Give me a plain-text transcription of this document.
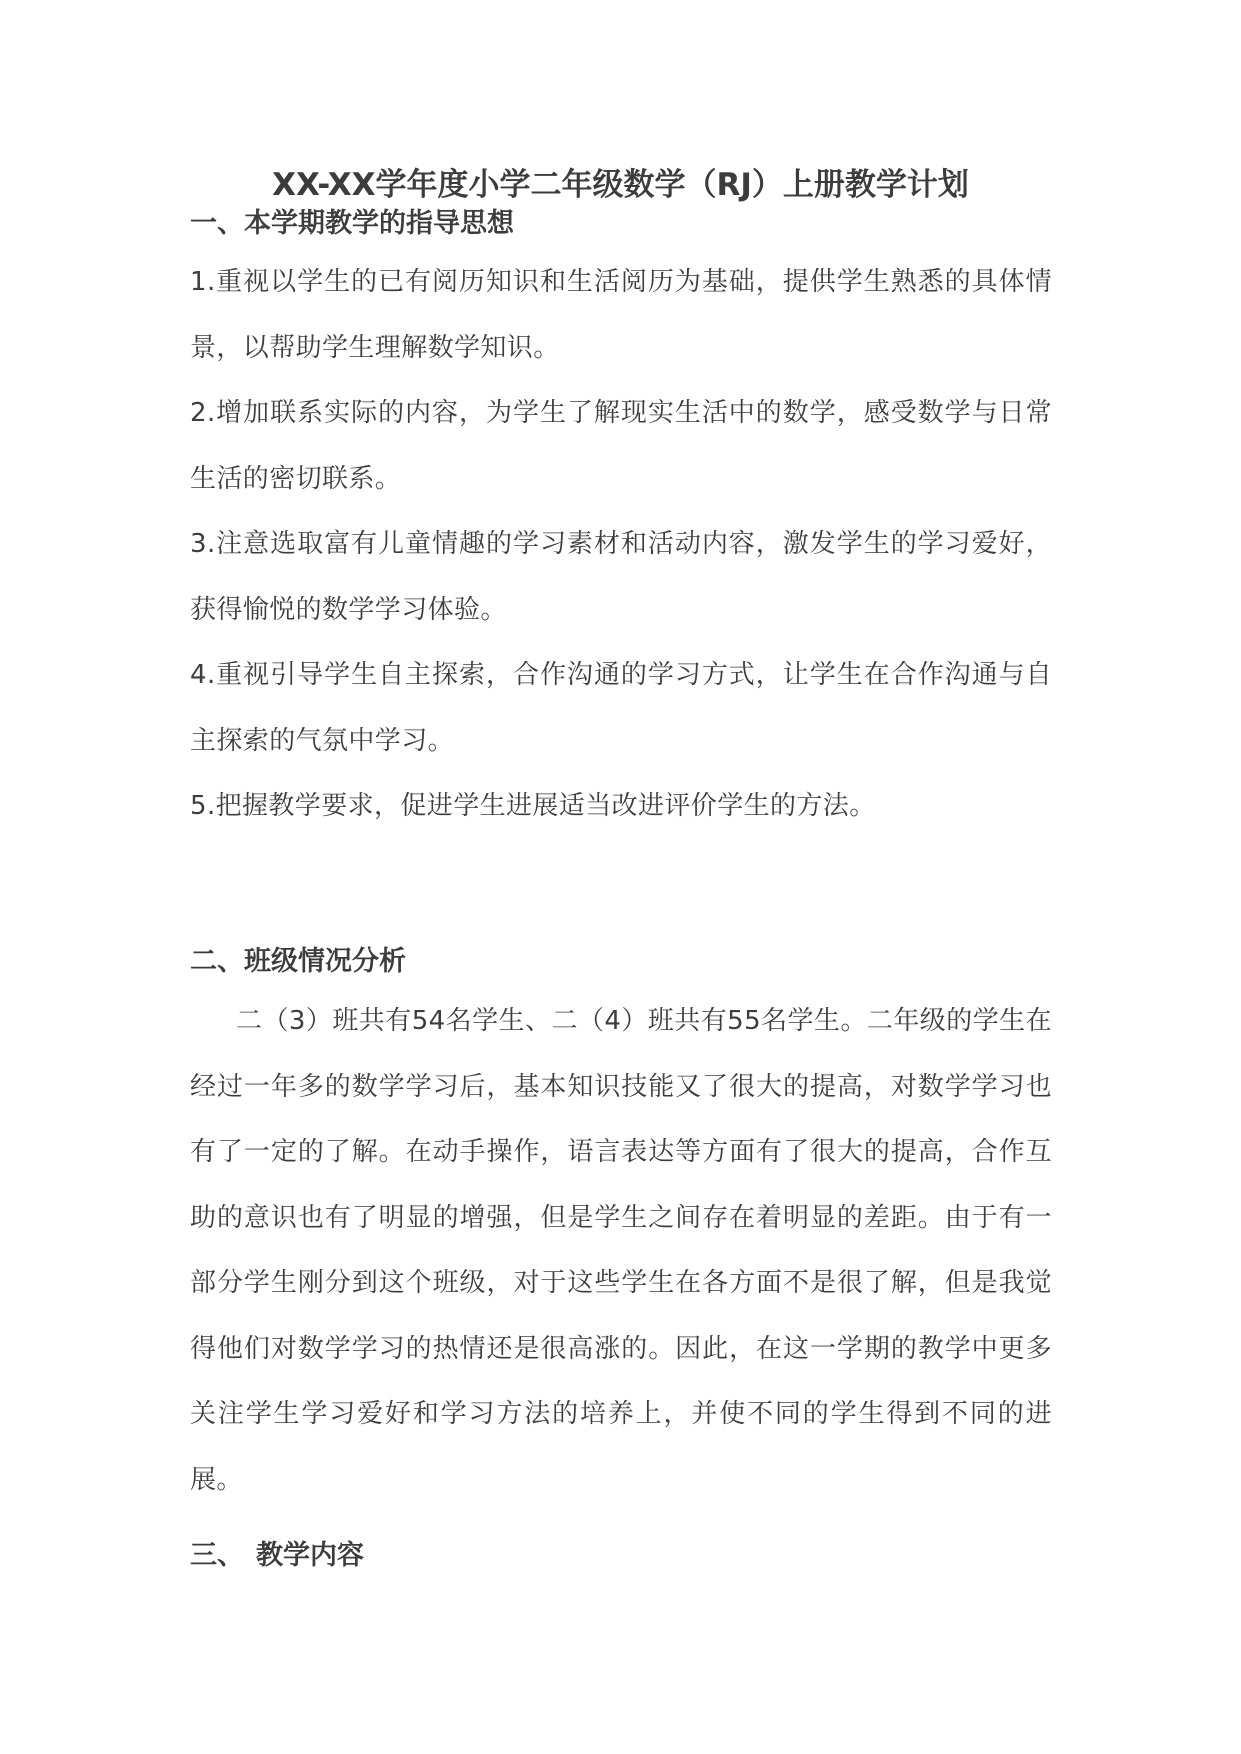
XX-XX学年度小学二年级数学（RJ）上册教学计划
一、本学期教学的指导思想

1.重视以学生的已有阅历知识和生活阅历为基础，提供学生熟悉的具体情景，以帮助学生理解数学知识。

2.增加联系实际的内容，为学生了解现实生活中的数学，感受数学与日常生活的密切联系。

3.注意选取富有儿童情趣的学习素材和活动内容，激发学生的学习爱好，获得愉悦的数学学习体验。

4.重视引导学生自主探索，合作沟通的学习方式，让学生在合作沟通与自主探索的气氛中学习。

5.把握教学要求，促进学生进展适当改进评价学生的方法。

二、班级情况分析

二（3）班共有54名学生、二（4）班共有55名学生。二年级的学生在经过一年多的数学学习后，基本知识技能又了很大的提高，对数学学习也有了一定的了解。在动手操作，语言表达等方面有了很大的提高，合作互助的意识也有了明显的增强，但是学生之间存在着明显的差距。由于有一部分学生刚分到这个班级，对于这些学生在各方面不是很了解，但是我觉得他们对数学学习的热情还是很高涨的。因此，在这一学期的教学中更多关注学生学习爱好和学习方法的培养上，并使不同的学生得到不同的进展。

三、 教学内容
